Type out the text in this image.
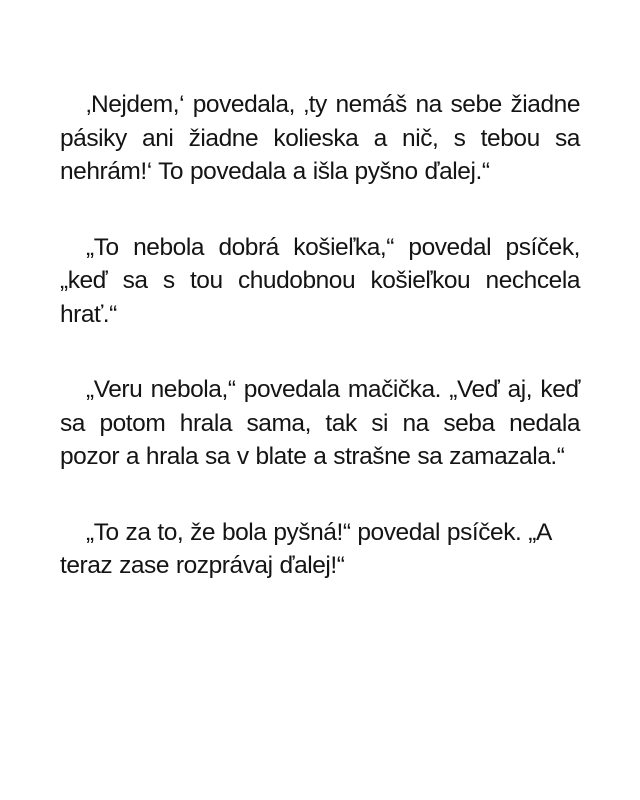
‚Nejdem,‘ povedala, ‚ty nemáš na sebe žiadne pásiky ani žiadne kolieska a nič, s tebou sa nehrám!‘ To povedala a išla pyšno ďalej.“

„To nebola dobrá košieľka,“ povedal psíček, „keď sa s tou chudobnou košieľkou nechcela hrať.“

„Veru nebola,“ povedala mačička. „Veď aj, keď sa potom hrala sama, tak si na seba nedala pozor a hrala sa v blate a strašne sa zamazala.“

„To za to, že bola pyšná!“ povedal psíček. „A teraz zase rozprávaj ďalej!“
